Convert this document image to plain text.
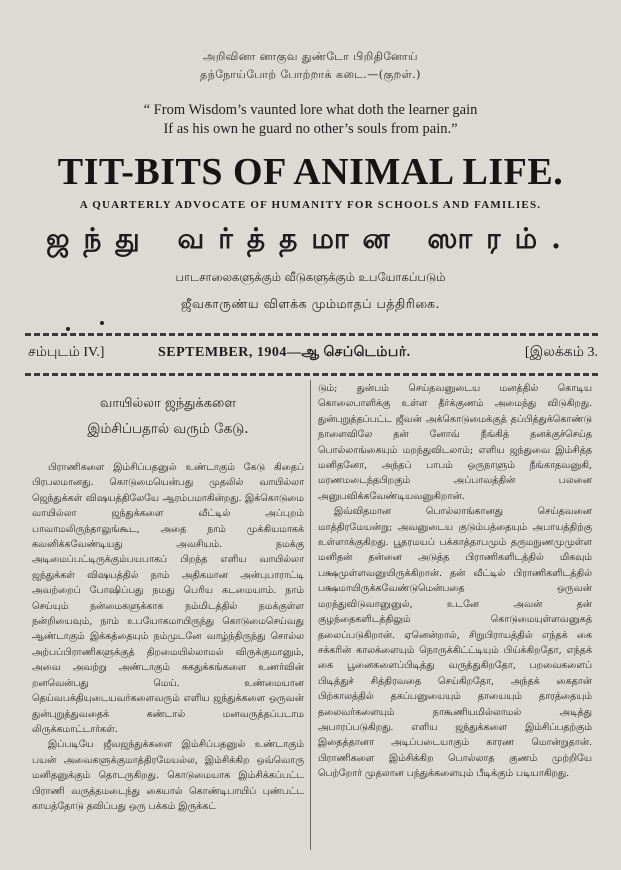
அறிவினா னாகுவ துண்டோ பிறிதினோய்
தந்நோய்போற் போற்றாக் கடை.—(குறள்.)
“ From Wisdom’s vaunted lore what doth the learner gain
If as his own he guard no other’s souls from pain.”
TIT-BITS OF ANIMAL LIFE.
A QUARTERLY ADVOCATE OF HUMANITY FOR SCHOOLS AND FAMILIES.
ஜந்து வர்த்தமான ஸாரம்.
பாடசாலைகளுக்கும் வீடுகளுக்கும் உபயோகப்படும்
ஜீவகாருண்ய விளக்க மும்மாதப் பத்திரிகை.
சம்புடம் IV.]	SEPTEMBER, 1904—ஆ செப்டெம்பர்.	[இலக்கம் 3.
வாயில்லா ஜந்துக்களை
இம்சிப்பதால் வரும் கேடு.

பிராணிகளை இம்சிப்பதனுல் உண்டாகும் கேடு கிதைப் பிரபலமானது. கொடுமையென்பது முதலில் வாயில்லா ஜெந்துக்கள் விஷயத்திலேயே ஆரம்பமாகின்றது. இக்கொடுமை வாயில்லா ஜந்துக்களை வீட்டில் அப்புறம் பாவாமலிருந்தாலுங்கூட, அதை நாம் முக்கியமாகக் கவனிக்கவேண்டியது அவசியம். நமக்கு அடிமைப்பட்டிருக்கும்பயபாகப் பிறந்த எளிய வாயில்லா ஜந்துக்கள் விஷயத்தில் நாம் அதிகமான அன்புபாராட்டி அவற்றைப் போஷிப்பது நமது பெரிய கடமையாம். நாம் செய்யும் நன்மைகளுக்காக நம்மிடத்தில் நமக்குள்ள நன்றியைவும், நாம் உபயோகமாயிருந்து கொடுமைசெய்வது ஆண்டாகும் இக்கத்தையும் நம்முடனே வாழ்ந்திருந்து சொல்ல அற்பப்பிராணிகளுக்குத் திறமையில்லாமல் விருக்குமானும், அவை அவற்று அண்டாகும் சுகதுக்கங்களை உணர்வின் றனவென்பது மெய். உண்மையான தெய்வபக்தியுடையவர்களைவரும் எளிய ஜந்துக்களை ஒருவன் துன்புறுத்துவதைக் கண்டால் மனவருத்தப்படாம லிருக்கமாட்டார்கள்.

இப்படியே ஜீவஜந்துக்களை இம்சிப்பதனுல் உண்டாகும் பயன் அவைகளுக்குமாத்திரமேயல்ல, இம்சிக்கிற ஒவ்வொரு மனிதனுக்கும் தொடருகிறது. கொடுமையாக இம்சிக்கப்பட்ட பிராணி வருத்தமடைந்து கையால் கொண்டிபாயிப் புண்பட்ட காயத்தோடு தவிப்பது ஒரு பக்கம் இருக்கட்

டும்; துன்பம் செய்தவனுடைய மனத்தில் கொடிய கொலைபாளிக்கு உள்ள தீர்க்குணம் அமைந்து விடுகிறது. துன்புறுத்தப்பட்ட ஜீவன் அக்கொடுமைக்குத் தப்பித்துக்கொண்டு நாளைவிலே தன் னோவ் நீங்கித் தனக்குச்செய்த பொல்லாங்கையும் மறந்துவிடலாம்; எளிய ஜந்துவை இம்சித்த மனிதனோ, அந்தப் பாபம் ஒருநாளும் நீங்காதவனுகி, மரணமடைந்தபிறகும் அப்பாவத்தின் பலனை அனுபவிக்கவேண்டியவனுகிறான்.

இவ்விதமான பொல்லாங்கானது செய்தவனை மாத்திரமேயன்று; அவனுடைய குடும்பத்தையும் அபாயத்திற்கு உள்ளாக்குகிறது. பூதரமயப் பக்காத்தாபமும் தருமநுணமுமுள்ள மனிதன் தன்னை அடுத்த பிராணிகளிடத்தில் மிகவும் பக்ஷமுள்ளவனுயிருக்கிறான். தன் வீட்டில் பிராணிகளிடத்தில் பக்ஷமாயிருக்கவேண்டுமென்பதை ஒருவன் மறந்துவிடுவானுனுல், உடனே அவன் தன் குழந்தைகளிடத்திலும் கொடுமையுள்ளவனுகத் தலைப்படுகிறான். ஏனென்றால், சிறுபிராயத்தில் எந்தக் கை சக்கரின் காலக்ளையும் நொருக்கிட்ட்டியும் பிய்க்கிறதோ, எந்தக் கை பூனைகளைப்பிடித்து வருத்துகிறதோ, பறவைகளைப் பிடித்துச் சித்திரவதை செய்கிறதோ, அந்தக் கைதான் பிற்காலத்தில் தகப்பனுயையும் தாயையும் தாரத்தையும் தலைவர்களையும் நாகூணியமில்லாமல் அடித்து அபாரப்படுகிறது. எளிய ஜந்துக்களை இம்சிப்பதற்கும் இதைத்தானா அடிப்படையாகும் காரண மொன்றுதான். பிராணிகளை இம்சிக்கிற பொல்லாத குணம் முற்றியே பெற்றோர் முதலான பந்துக்களையும் பீடிக்கும் படியாகிறது.
